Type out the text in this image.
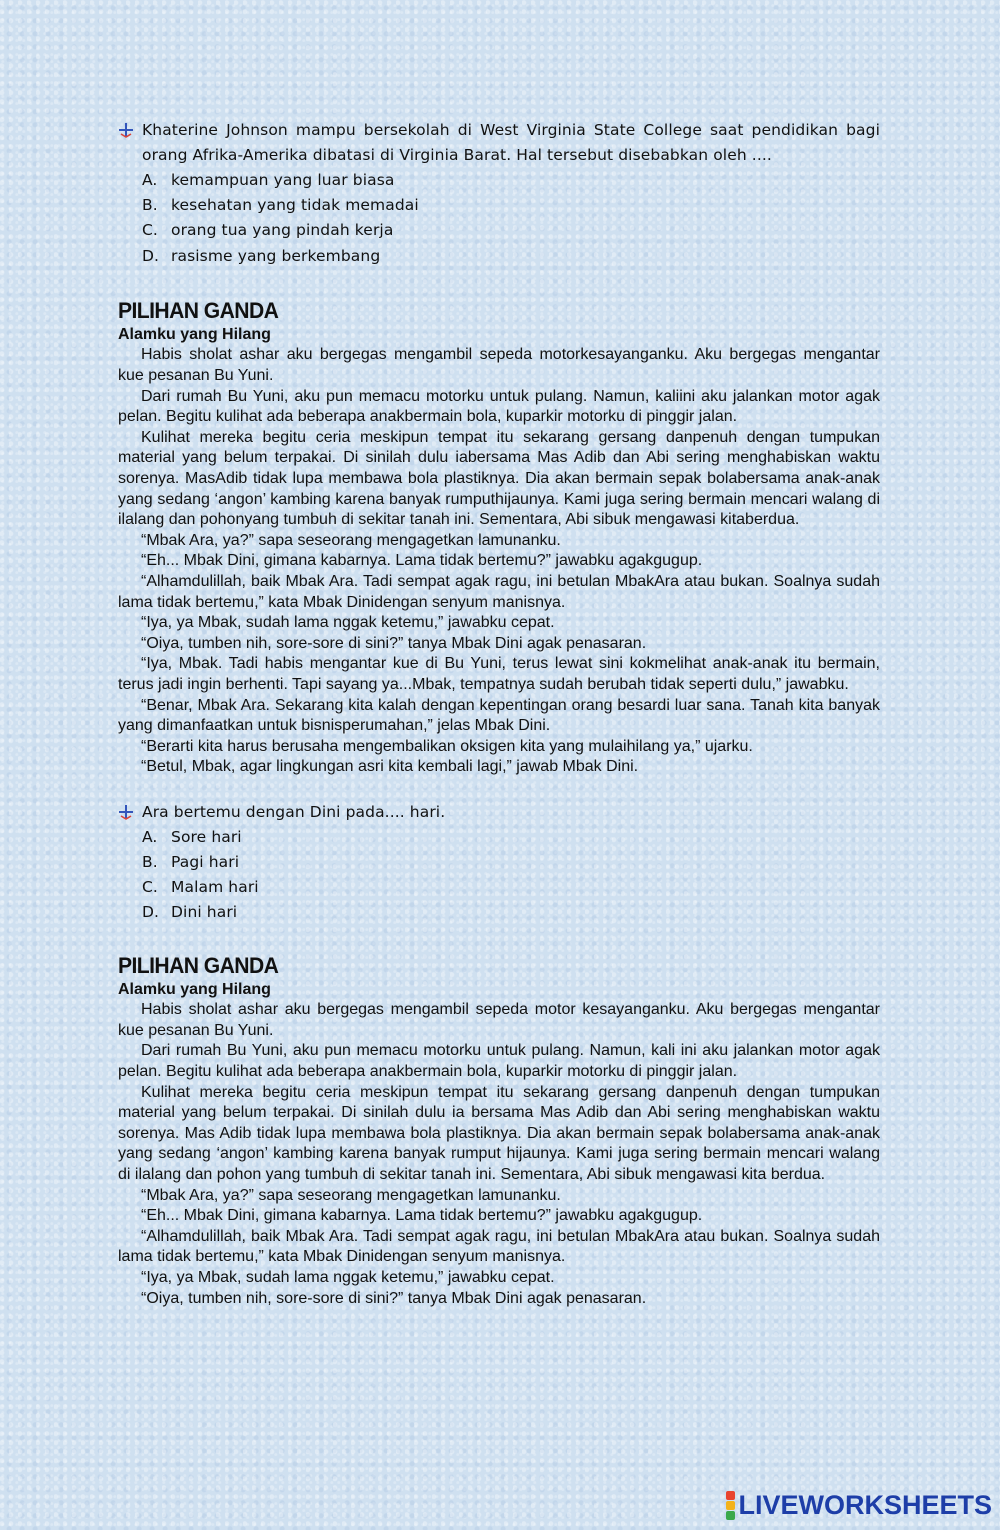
Khaterine Johnson mampu bersekolah di West Virginia State College saat pendidikan bagi orang Afrika-Amerika dibatasi di Virginia Barat. Hal tersebut disebabkan oleh ....
A. kemampuan yang luar biasa
B. kesehatan yang tidak memadai
C. orang tua yang pindah kerja
D. rasisme yang berkembang
PILIHAN GANDA

Alamku yang Hilang

Habis sholat ashar aku bergegas mengambil sepeda motorkesayanganku. Aku bergegas mengantar kue pesanan Bu Yuni.

Dari rumah Bu Yuni, aku pun memacu motorku untuk pulang. Namun, kaliini aku jalankan motor agak pelan. Begitu kulihat ada beberapa anakbermain bola, kuparkir motorku di pinggir jalan.

Kulihat mereka begitu ceria meskipun tempat itu sekarang gersang danpenuh dengan tumpukan material yang belum terpakai. Di sinilah dulu iabersama Mas Adib dan Abi sering menghabiskan waktu sorenya. MasAdib tidak lupa membawa bola plastiknya. Dia akan bermain sepak bolabersama anak-anak yang sedang ‘angon’ kambing karena banyak rumputhijaunya. Kami juga sering bermain mencari walang di ilalang dan pohonyang tumbuh di sekitar tanah ini. Sementara, Abi sibuk mengawasi kitaberdua.

“Mbak Ara, ya?” sapa seseorang mengagetkan lamunanku.

“Eh... Mbak Dini, gimana kabarnya. Lama tidak bertemu?” jawabku agakgugup.

“Alhamdulillah, baik Mbak Ara. Tadi sempat agak ragu, ini betulan MbakAra atau bukan. Soalnya sudah lama tidak bertemu,” kata Mbak Dinidengan senyum manisnya.

“Iya, ya Mbak, sudah lama nggak ketemu,” jawabku cepat.

“Oiya, tumben nih, sore-sore di sini?” tanya Mbak Dini agak penasaran.

“Iya, Mbak. Tadi habis mengantar kue di Bu Yuni, terus lewat sini kokmelihat anak-anak itu bermain, terus jadi ingin berhenti. Tapi sayang ya...Mbak, tempatnya sudah berubah tidak seperti dulu,” jawabku.

“Benar, Mbak Ara. Sekarang kita kalah dengan kepentingan orang besardi luar sana. Tanah kita banyak yang dimanfaatkan untuk bisnisperumahan,” jelas Mbak Dini.

“Berarti kita harus berusaha mengembalikan oksigen kita yang mulaihilang ya,” ujarku.

“Betul, Mbak, agar lingkungan asri kita kembali lagi,” jawab Mbak Dini.

Ara bertemu dengan Dini pada.... hari.
A. Sore hari
B. Pagi hari
C. Malam hari
D. Dini hari
PILIHAN GANDA

Alamku yang Hilang

Habis sholat ashar aku bergegas mengambil sepeda motor kesayanganku. Aku bergegas mengantar kue pesanan Bu Yuni.

Dari rumah Bu Yuni, aku pun memacu motorku untuk pulang. Namun, kali ini aku jalankan motor agak pelan. Begitu kulihat ada beberapa anakbermain bola, kuparkir motorku di pinggir jalan.

Kulihat mereka begitu ceria meskipun tempat itu sekarang gersang danpenuh dengan tumpukan material yang belum terpakai. Di sinilah dulu ia bersama Mas Adib dan Abi sering menghabiskan waktu sorenya. Mas Adib tidak lupa membawa bola plastiknya. Dia akan bermain sepak bolabersama anak-anak yang sedang ‘angon’ kambing karena banyak rumput hijaunya. Kami juga sering bermain mencari walang di ilalang dan pohon yang tumbuh di sekitar tanah ini. Sementara, Abi sibuk mengawasi kita berdua.

“Mbak Ara, ya?” sapa seseorang mengagetkan lamunanku.

“Eh... Mbak Dini, gimana kabarnya. Lama tidak bertemu?” jawabku agakgugup.

“Alhamdulillah, baik Mbak Ara. Tadi sempat agak ragu, ini betulan MbakAra atau bukan. Soalnya sudah lama tidak bertemu,” kata Mbak Dinidengan senyum manisnya.

“Iya, ya Mbak, sudah lama nggak ketemu,” jawabku cepat.

“Oiya, tumben nih, sore-sore di sini?” tanya Mbak Dini agak penasaran.

LIVEWORKSHEETS
